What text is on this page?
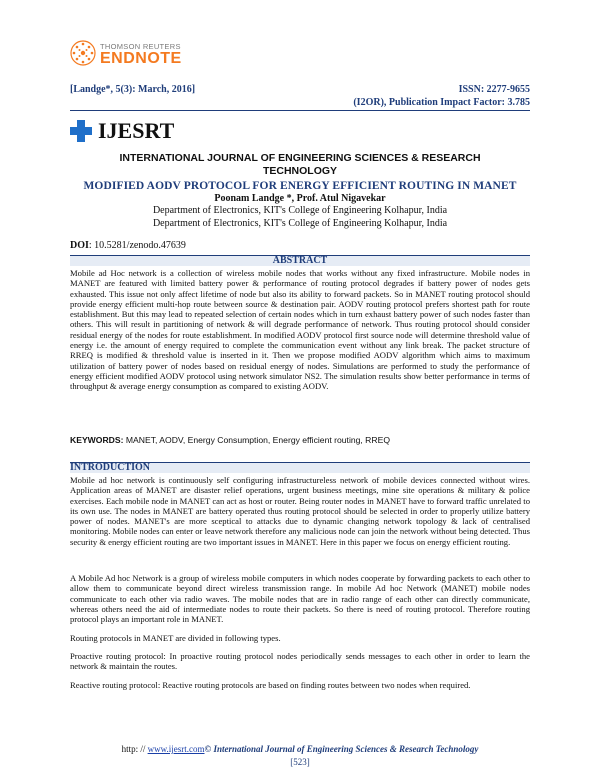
THOMSON REUTERS
ENDNOTE
[Landge*, 5(3): March, 2016]	ISSN: 2277-9655
(I2OR), Publication Impact Factor: 3.785
IJESRT
INTERNATIONAL JOURNAL OF ENGINEERING SCIENCES & RESEARCH
TECHNOLOGY
MODIFIED AODV PROTOCOL FOR ENERGY EFFICIENT ROUTING IN MANET
Poonam Landge *, Prof. Atul Nigavekar
Department of Electronics, KIT's College of Engineering Kolhapur, India
Department of Electronics, KIT's College of Engineering Kolhapur, India
DOI: 10.5281/zenodo.47639
ABSTRACT
Mobile ad Hoc network is a collection of wireless mobile nodes that works without any fixed infrastructure. Mobile nodes in MANET are featured with limited battery power & performance of routing protocol degrades if battery power of nodes gets exhausted. This issue not only affect lifetime of node but also its ability to forward packets. So in MANET routing protocol should provide energy efficient multi-hop route between source & destination pair. AODV routing protocol prefers shortest path for route establishment. But this may lead to repeated selection of certain nodes which in turn exhaust battery power of such nodes faster than others. This will result in partitioning of network & will degrade performance of network. Thus routing protocol should consider residual energy of the nodes for route establishment. In modified AODV protocol first source node will determine threshold value of energy i.e. the amount of energy required to complete the communication event without any link break. The packet structure of RREQ is modified & threshold value is inserted in it. Then we propose modified AODV algorithm which aims to maximum utilization of battery power of nodes based on residual energy of nodes. Simulations are performed to study the performance of energy efficient modified AODV protocol using network simulator NS2. The simulation results show better performance in terms of throughput & average energy consumption as compared to existing AODV.
KEYWORDS: MANET, AODV, Energy Consumption, Energy efficient routing, RREQ
INTRODUCTION
Mobile ad hoc network is continuously self configuring infrastructureless network of mobile devices connected without wires. Application areas of MANET are disaster relief operations, urgent business meetings, mine site operations & military & police exercises. Each mobile node in MANET can act as host or router. Being router nodes in MANET have to forward traffic unrelated to its own use. The nodes in MANET are battery operated thus routing protocol should be selected in order to properly utilize battery power of nodes. MANET's are more sceptical to attacks due to dynamic changing network topology & lack of centralised monitoring. Mobile nodes can enter or leave network therefore any malicious node can join the network without being detected. Thus security & energy efficient routing are two important issues in MANET. Here in this paper we focus on energy efficient routing.
A Mobile Ad hoc Network is a group of wireless mobile computers in which nodes cooperate by forwarding packets to each other to allow them to communicate beyond direct wireless transmission range. In mobile Ad hoc Network (MANET) mobile nodes communicate to each other via radio waves. The mobile nodes that are in radio range of each other can directly communicate, whereas others need the aid of intermediate nodes to route their packets. So there is need of routing protocol. Therefore routing protocol plays an important role in MANET.
Routing protocols in MANET are divided in following types.
Proactive routing protocol: In proactive routing protocol nodes periodically sends messages to each other in order to learn the network & maintain the routes.
Reactive routing protocol: Reactive routing protocols are based on finding routes between two nodes when required.
http: // www.ijesrt.com© International Journal of Engineering Sciences & Research Technology
[523]
